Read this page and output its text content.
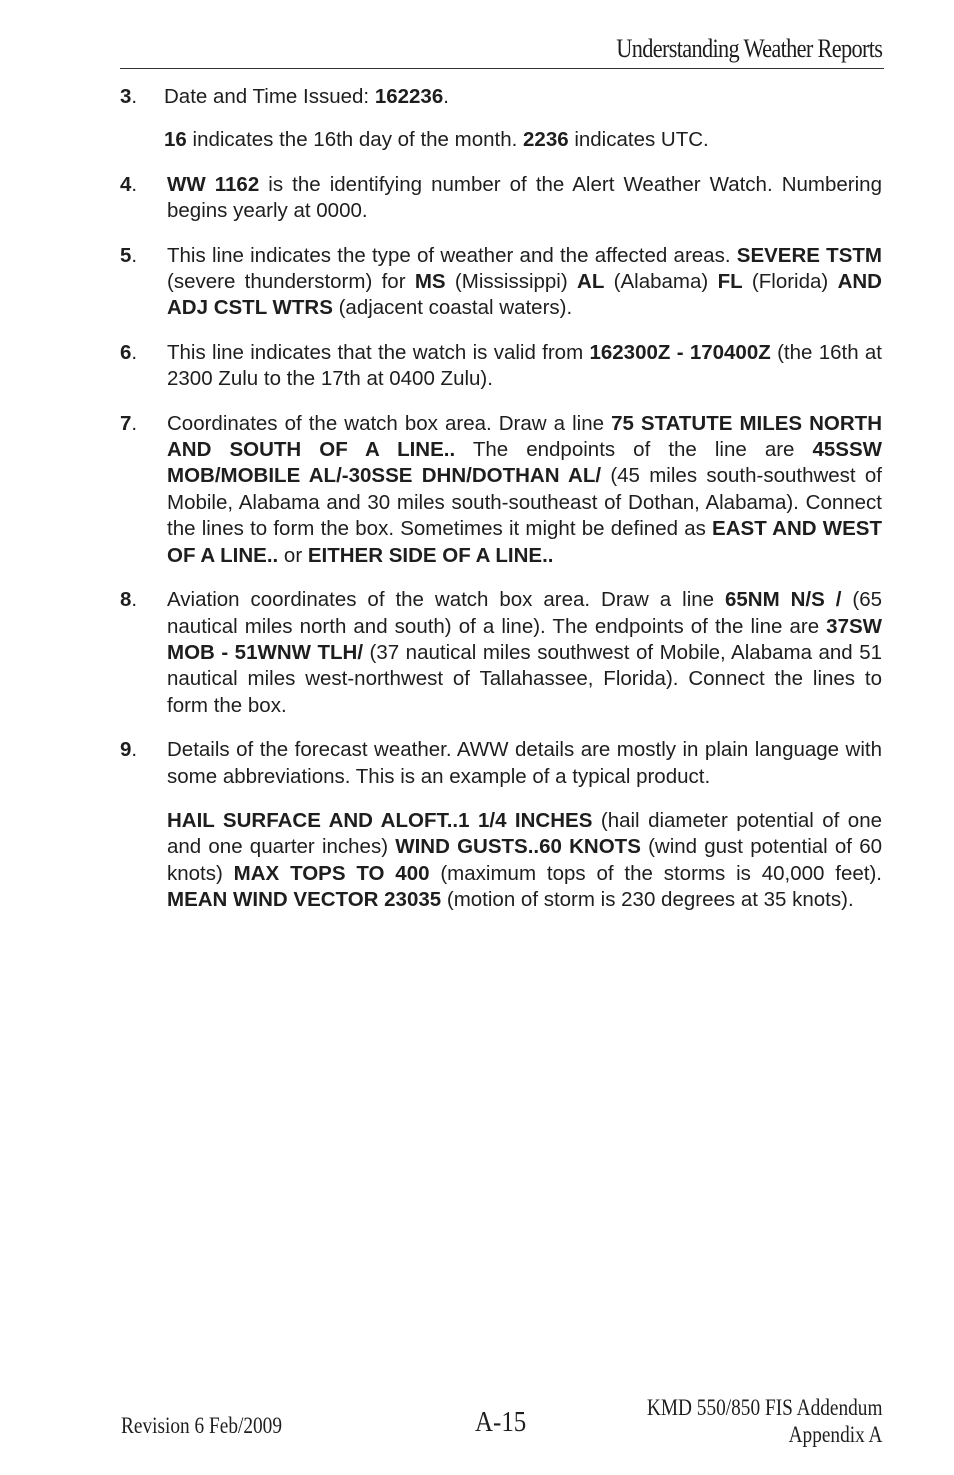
Understanding Weather Reports
3.	Date and Time Issued: 162236.

16 indicates the 16th day of the month. 2236 indicates UTC.

4.	WW 1162 is the identifying number of the Alert Weather Watch. Numbering begins yearly at 0000.

5.	This line indicates the type of weather and the affected areas. SEVERE TSTM (severe thunderstorm) for MS (Mississippi) AL (Alabama) FL (Florida) AND ADJ CSTL WTRS (adjacent coastal waters).

6.	This line indicates that the watch is valid from 162300Z - 170400Z (the 16th at 2300 Zulu to the 17th at 0400 Zulu).

7.	Coordinates of the watch box area. Draw a line 75 STATUTE MILES NORTH AND SOUTH OF A LINE.. The endpoints of the line are 45SSW MOB/MOBILE AL/-30SSE DHN/DOTHAN AL/ (45 miles south-southwest of Mobile, Alabama and 30 miles south-southeast of Dothan, Alabama). Connect the lines to form the box. Sometimes it might be defined as EAST AND WEST OF A LINE.. or EITHER SIDE OF A LINE..

8.	Aviation coordinates of the watch box area. Draw a line 65NM N/S / (65 nautical miles north and south) of a line). The endpoints of the line are 37SW MOB - 51WNW TLH/ (37 nautical miles southwest of Mobile, Alabama and 51 nautical miles west-northwest of Tallahassee, Florida). Connect the lines to form the box.

9.	Details of the forecast weather. AWW details are mostly in plain language with some abbreviations. This is an example of a typical product.

HAIL SURFACE AND ALOFT..1 1/4 INCHES (hail diameter potential of one and one quarter inches) WIND GUSTS..60 KNOTS (wind gust potential of 60 knots) MAX TOPS TO 400 (maximum tops of the storms is 40,000 feet). MEAN WIND VECTOR 23035 (motion of storm is 230 degrees at 35 knots).

Revision 6 Feb/2009	A-15	KMD 550/850 FIS Addendum
Appendix A
